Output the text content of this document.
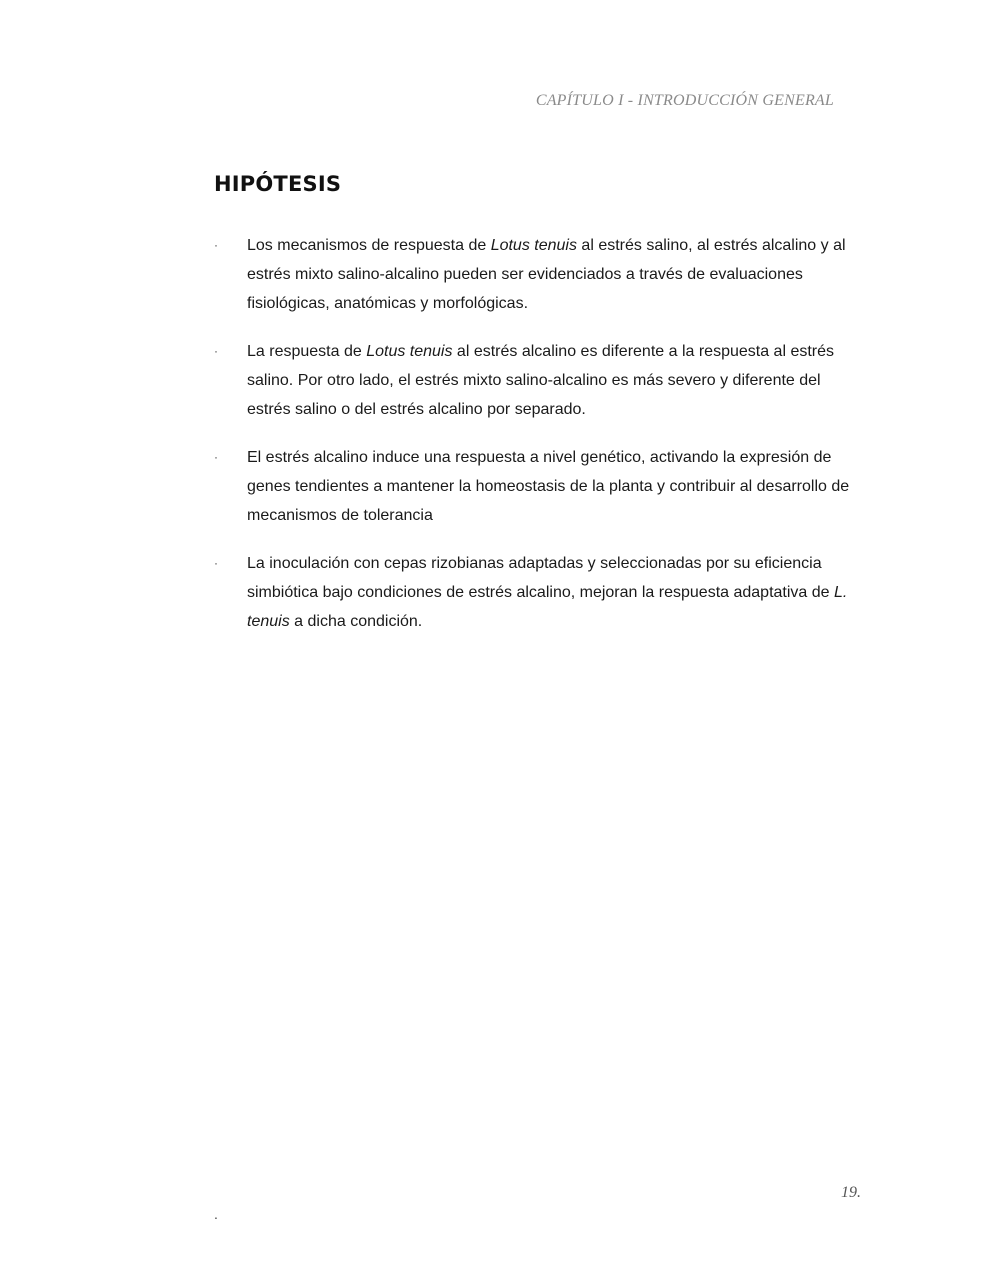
CAPÍTULO I - INTRODUCCIÓN GENERAL
HIPÓTESIS
· Los mecanismos de respuesta de Lotus tenuis al estrés salino, al estrés alcalino y al estrés mixto salino-alcalino pueden ser evidenciados a través de evaluaciones fisiológicas, anatómicas y morfológicas.
· La respuesta de Lotus tenuis al estrés alcalino es diferente a la respuesta al estrés salino. Por otro lado, el estrés mixto salino-alcalino es más severo y diferente del estrés salino o del estrés alcalino por separado.
· El estrés alcalino induce una respuesta a nivel genético, activando la expresión de genes tendientes a mantener la homeostasis de la planta y contribuir al desarrollo de mecanismos de tolerancia
· La inoculación con cepas rizobianas adaptadas y seleccionadas por su eficiencia simbiótica bajo condiciones de estrés alcalino, mejoran la respuesta adaptativa de L. tenuis a dicha condición.
19.
.
